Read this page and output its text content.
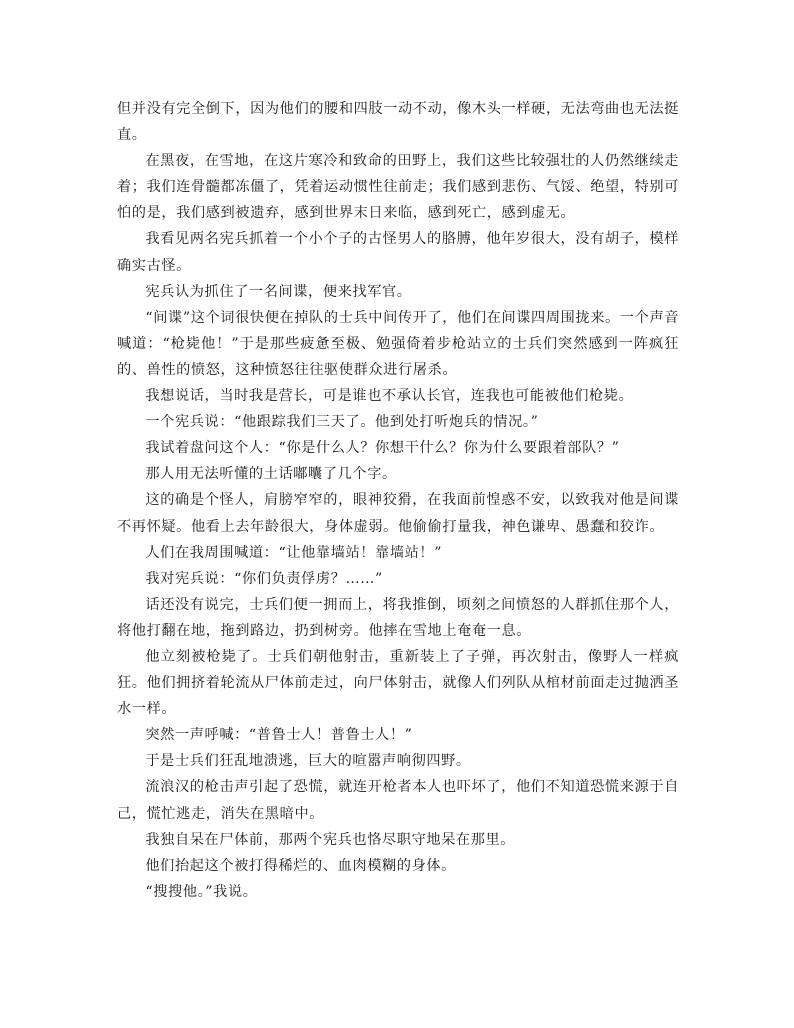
但并没有完全倒下，因为他们的腰和四肢一动不动，像木头一样硬，无法弯曲也无法挺直。

在黑夜，在雪地，在这片寒冷和致命的田野上，我们这些比较强壮的人仍然继续走着；我们连骨髓都冻僵了，凭着运动惯性往前走；我们感到悲伤、气馁、绝望，特别可怕的是，我们感到被遗弃，感到世界末日来临，感到死亡，感到虚无。

我看见两名宪兵抓着一个小个子的古怪男人的胳膊，他年岁很大，没有胡子，模样确实古怪。

宪兵认为抓住了一名间谍，便来找军官。

“间谍”这个词很快便在掉队的士兵中间传开了，他们在间谍四周围拢来。一个声音喊道：“枪毙他！”于是那些疲惫至极、勉强倚着步枪站立的士兵们突然感到一阵疯狂的、兽性的愤怒，这种愤怒往往驱使群众进行屠杀。

我想说话，当时我是营长，可是谁也不承认长官，连我也可能被他们枪毙。

一个宪兵说：“他跟踪我们三天了。他到处打听炮兵的情况。”

我试着盘问这个人：“你是什么人？你想干什么？你为什么要跟着部队？”

那人用无法听懂的土话嘟囔了几个字。

这的确是个怪人，肩膀窄窄的，眼神狡猾，在我面前惶惑不安，以致我对他是间谍不再怀疑。他看上去年龄很大，身体虚弱。他偷偷打量我，神色谦卑、愚蠢和狡诈。

人们在我周围喊道：“让他靠墙站！靠墙站！”

我对宪兵说：“你们负责俘虏？……”

话还没有说完，士兵们便一拥而上，将我推倒，顷刻之间愤怒的人群抓住那个人，将他打翻在地，拖到路边，扔到树旁。他摔在雪地上奄奄一息。

他立刻被枪毙了。士兵们朝他射击，重新装上了子弹，再次射击，像野人一样疯狂。他们拥挤着轮流从尸体前走过，向尸体射击，就像人们列队从棺材前面走过抛洒圣水一样。

突然一声呼喊：“普鲁士人！普鲁士人！”

于是士兵们狂乱地溃逃，巨大的喧嚣声响彻四野。

流浪汉的枪击声引起了恐慌，就连开枪者本人也吓坏了，他们不知道恐慌来源于自己，慌忙逃走，消失在黑暗中。

我独自呆在尸体前，那两个宪兵也恪尽职守地呆在那里。

他们抬起这个被打得稀烂的、血肉模糊的身体。

“搜搜他。”我说。
